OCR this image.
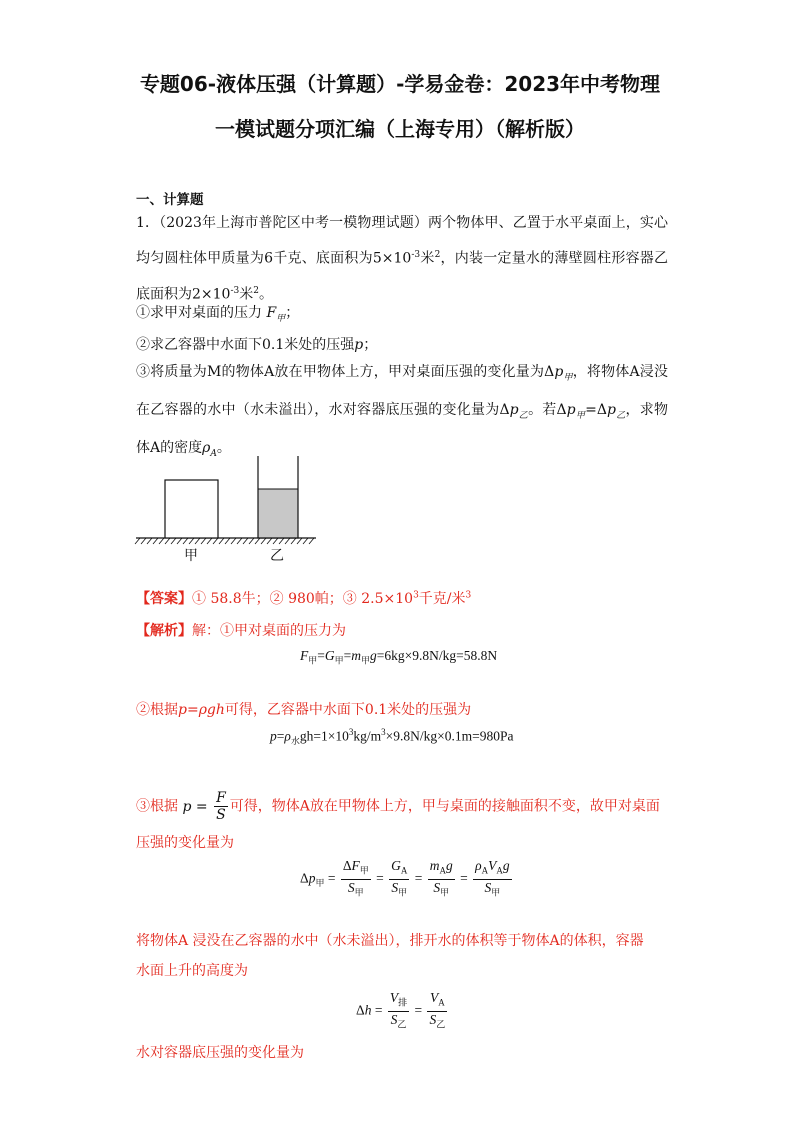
专题06-液体压强（计算题）-学易金卷：2023年中考物理
一模试题分项汇编（上海专用）（解析版）
一、计算题
1．（2023年上海市普陀区中考一模物理试题）两个物体甲、乙置于水平桌面上，实心均匀圆柱体甲质量为6千克、底面积为$5\times 10^{-3}$米$^2$，内装一定量水的薄壁圆柱形容器乙底面积为$2\times 10^{-3}$米$^2$。
①求甲对桌面的压力 $F_甲$；
②求乙容器中水面下0.1米处的压强p；
③将质量为M的物体A放在甲物体上方，甲对桌面压强的变化量为$\Delta p_甲$，将物体A浸没在乙容器的水中（水未溢出），水对容器底压强的变化量为$\Delta p_乙$。若$\Delta p_甲=\Delta p_乙$，求物体A的密度$\rho_A$。
甲	乙
【答案】① 58.8牛；② 980帕；③ $2.5\times 10^3$千克/米$^3$
【解析】解：①甲对桌面的压力为
$F_甲=G_甲=m_甲g=6kg\times 9.8N/kg=58.8N$
②根据p=ρgh可得，乙容器中水面下0.1米处的压强为
$p=\rho_水gh=1\times 10^3kg/m^3\times 9.8N/kg\times 0.1m=980Pa$
③根据 $p = \frac{F}{S}$ 可得，物体A放在甲物体上方，甲与桌面的接触面积不变，故甲对桌面
压强的变化量为
$\Delta p_甲 = \frac{\Delta F_甲}{S_甲} = \frac{G_A}{S_甲} = \frac{m_Ag}{S_甲} = \frac{\rho_AV_Ag}{S_甲}$
将物体A 浸没在乙容器的水中（水未溢出），排开水的体积等于物体A的体积，容器
水面上升的高度为
$\Delta h = \frac{V_排}{S_乙} = \frac{V_A}{S_乙}$
水对容器底压强的变化量为
